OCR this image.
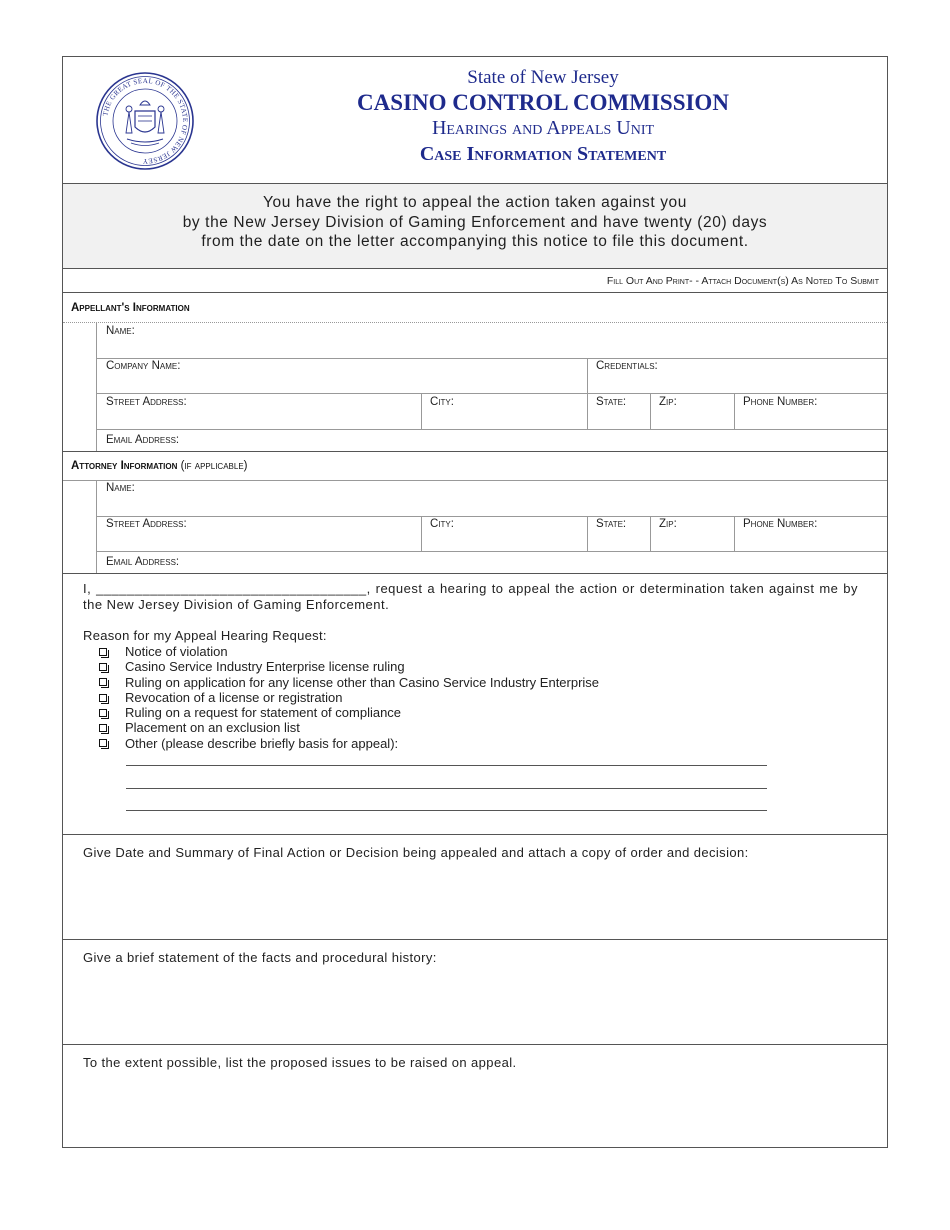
THE GREAT SEAL OF THE STATE OF NEW JERSEY
State of New Jersey
CASINO CONTROL COMMISSION
Hearings and Appeals Unit
Case Information Statement
You have the right to appeal the action taken against you
by the New Jersey Division of Gaming Enforcement and have twenty (20) days
from the date on the letter accompanying this notice to file this document.
Fill Out And Print- - Attach Document(s) As Noted To Submit
Appellant's Information
Name:
Company Name:	Credentials:
Street Address:	City:	State:	Zip:	Phone Number:
Email Address:
Attorney Information (if applicable)
Name:
Street Address:	City:	State:	Zip:	Phone Number:
Email Address:
I, ___________________________________, request a hearing to appeal the action or determination taken against me by the New Jersey Division of Gaming Enforcement.
Reason for my Appeal Hearing Request:
Notice of violation
Casino Service Industry Enterprise license ruling
Ruling on application for any license other than Casino Service Industry Enterprise
Revocation of a license or registration
Ruling on a request for statement of compliance
Placement on an exclusion list
Other (please describe briefly basis for appeal):
Give Date and Summary of Final Action or Decision being appealed and attach a copy of order and decision:
Give a brief statement of the facts and procedural history:
To the extent possible, list the proposed issues to be raised on appeal.
